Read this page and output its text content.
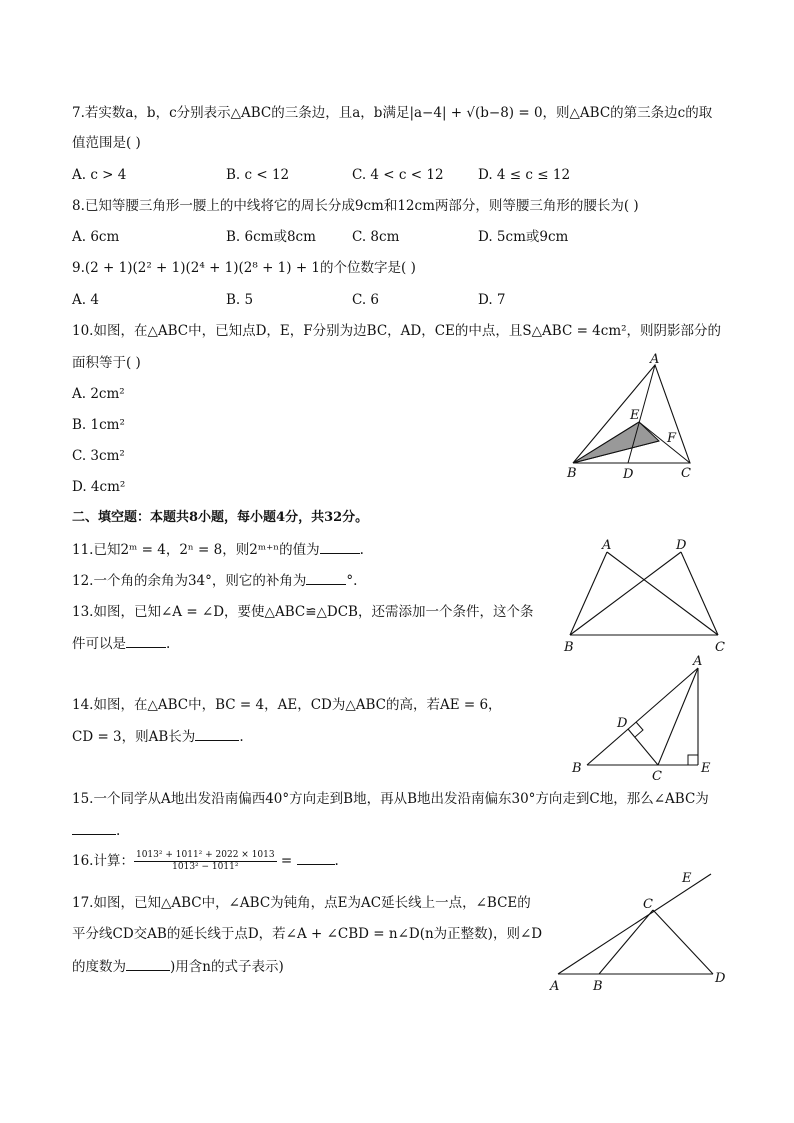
7.若实数a，b，c分别表示△ABC的三条边，且a，b满足|a−4| + √(b−8) = 0，则△ABC的第三条边c的取
值范围是( )
A. c > 4	B. c < 12	C. 4 < c < 12	D. 4 ≤ c ≤ 12
8.已知等腰三角形一腰上的中线将它的周长分成9cm和12cm两部分，则等腰三角形的腰长为( )
A. 6cm	B. 6cm或8cm	C. 8cm	D. 5cm或9cm
9.(2 + 1)(2² + 1)(2⁴ + 1)(2⁸ + 1) + 1的个位数字是( )
A. 4	B. 5	C. 6	D. 7
10.如图，在△ABC中，已知点D，E，F分别为边BC，AD，CE的中点，且S△ABC = 4cm²，则阴影部分的
面积等于( )
A. 2cm²
B. 1cm²
C. 3cm²
D. 4cm²
A
B	C
D
E
F
二、填空题：本题共8小题，每小题4分，共32分。
11.已知2ᵐ = 4，2ⁿ = 8，则2ᵐ⁺ⁿ的值为	.
12.一个角的余角为34°，则它的补角为	°.
13.如图，已知∠A = ∠D，要使△ABC≌△DCB，还需添加一个条件，这个条
件可以是	.
A	D
B	C
14.如图，在△ABC中，BC = 4，AE，CD为△ABC的高，若AE = 6，
CD = 3，则AB长为	.
A
B
C
D
E
15.一个同学从A地出发沿南偏西40°方向走到B地，再从B地出发沿南偏东30°方向走到C地，那么∠ABC为
.
16.计算： $\frac{\text{1013² + 1011² + 2022 × 1013}}{\text{1013² − 1011²}}$ =	.
17.如图，已知△ABC中，∠ABC为钝角，点E为AC延长线上一点，∠BCE的
平分线CD交AB的延长线于点D，若∠A + ∠CBD = n∠D(n为正整数)，则∠D
的度数为	)用含n的式子表示)
A	B
C
D
E
